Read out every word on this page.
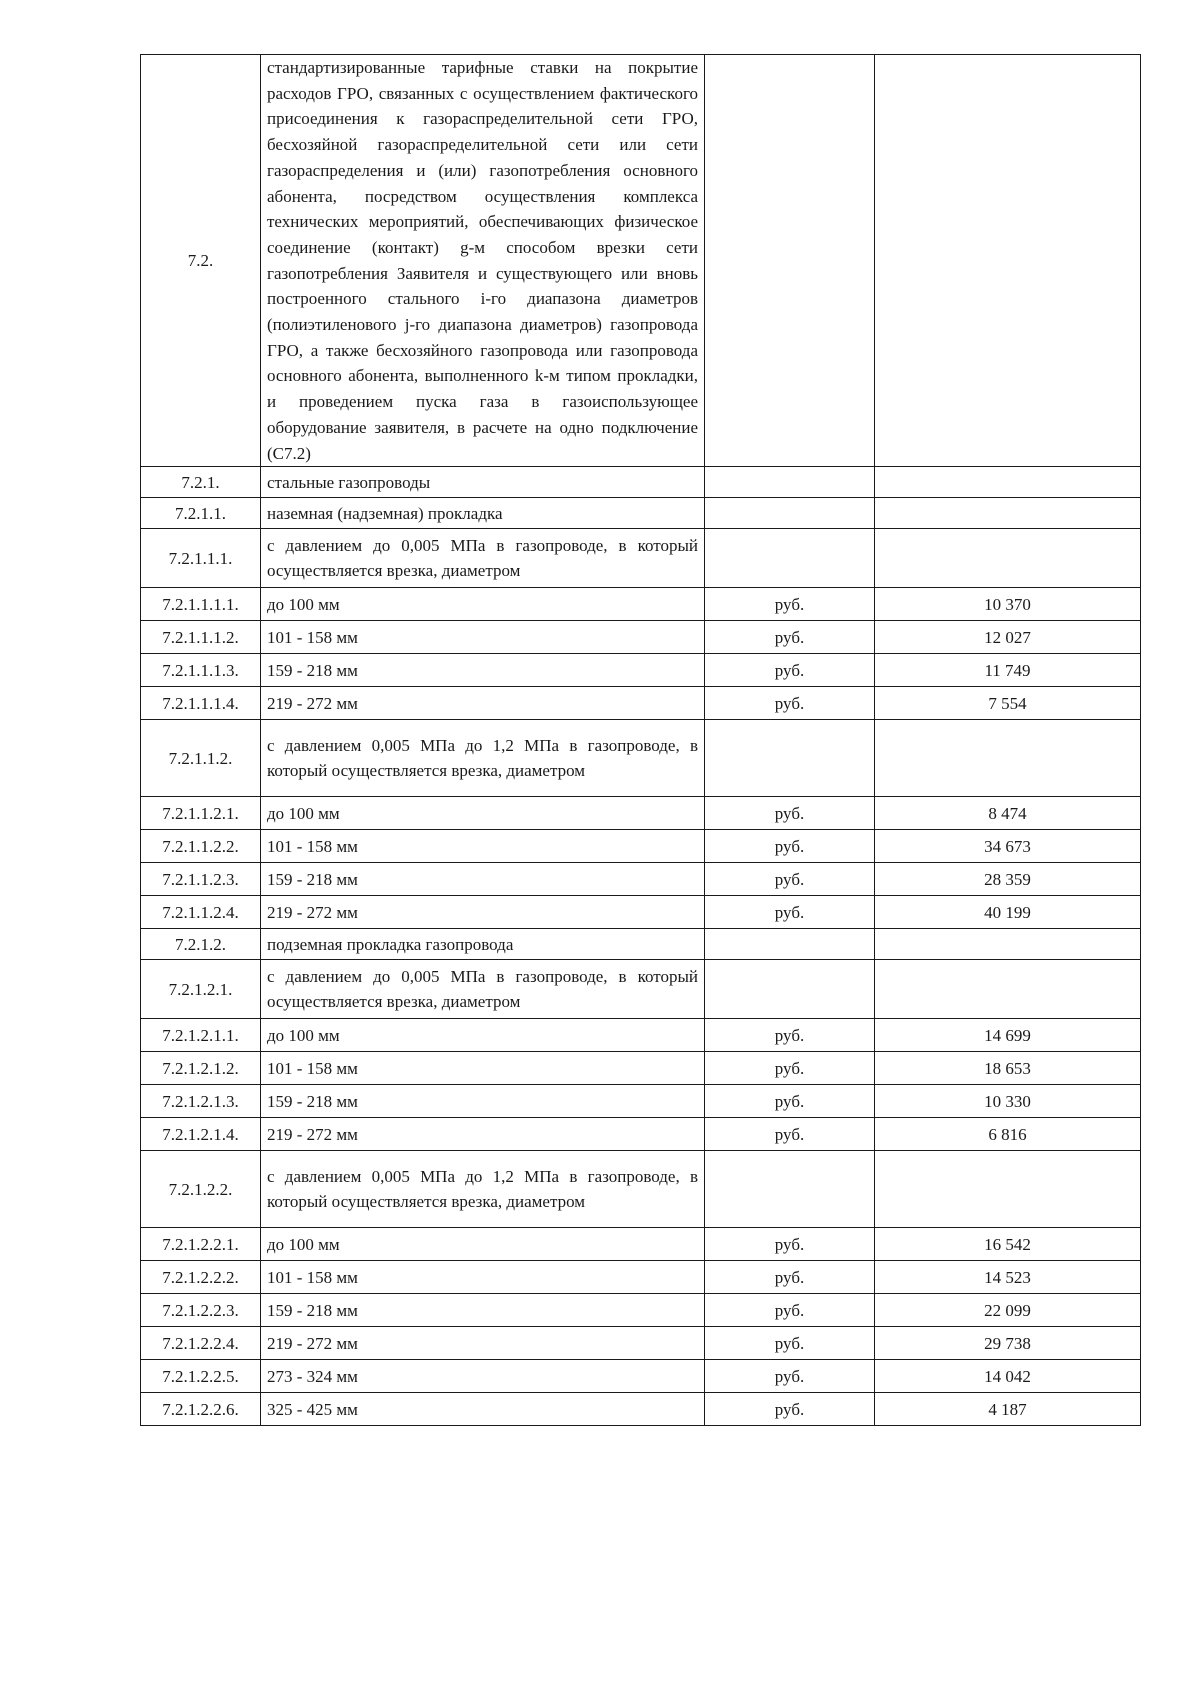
7.2.	стандартизированные тарифные ставки на покрытие расходов ГРО, связанных с осуществлением фактического присоединения к газораспределительной сети ГРО, бесхозяйной газораспределительной сети или сети газораспределения и (или) газопотребления основного абонента, посредством осуществления комплекса технических мероприятий, обеспечивающих физическое соединение (контакт) g-м способом врезки сети газопотребления Заявителя и существующего или вновь построенного стального i-го диапазона диаметров (полиэтиленового j-го диапазона диаметров) газопровода ГРО, а также бесхозяйного газопровода или газопровода основного абонента, выполненного k-м типом прокладки, и проведением пуска газа в газоиспользующее оборудование заявителя, в расчете на одно подключение (С7.2)		
7.2.1.	стальные газопроводы		
7.2.1.1.	наземная (надземная) прокладка		
7.2.1.1.1.	с давлением до 0,005 МПа в газопроводе, в который осуществляется врезка, диаметром		
7.2.1.1.1.1.	до 100 мм	руб.	10 370
7.2.1.1.1.2.	101 - 158 мм	руб.	12 027
7.2.1.1.1.3.	159 - 218 мм	руб.	11 749
7.2.1.1.1.4.	219 - 272 мм	руб.	7 554
7.2.1.1.2.	с давлением 0,005 МПа до 1,2 МПа в газопроводе, в который осуществляется врезка, диаметром		
7.2.1.1.2.1.	до 100 мм	руб.	8 474
7.2.1.1.2.2.	101 - 158 мм	руб.	34 673
7.2.1.1.2.3.	159 - 218 мм	руб.	28 359
7.2.1.1.2.4.	219 - 272 мм	руб.	40 199
7.2.1.2.	подземная прокладка газопровода		
7.2.1.2.1.	с давлением до 0,005 МПа в газопроводе, в который осуществляется врезка, диаметром		
7.2.1.2.1.1.	до 100 мм	руб.	14 699
7.2.1.2.1.2.	101 - 158 мм	руб.	18 653
7.2.1.2.1.3.	159 - 218 мм	руб.	10 330
7.2.1.2.1.4.	219 - 272 мм	руб.	6 816
7.2.1.2.2.	с давлением 0,005 МПа до 1,2 МПа в газопроводе, в который осуществляется врезка, диаметром		
7.2.1.2.2.1.	до 100 мм	руб.	16 542
7.2.1.2.2.2.	101 - 158 мм	руб.	14 523
7.2.1.2.2.3.	159 - 218 мм	руб.	22 099
7.2.1.2.2.4.	219 - 272 мм	руб.	29 738
7.2.1.2.2.5.	273 - 324 мм	руб.	14 042
7.2.1.2.2.6.	325 - 425 мм	руб.	4 187
